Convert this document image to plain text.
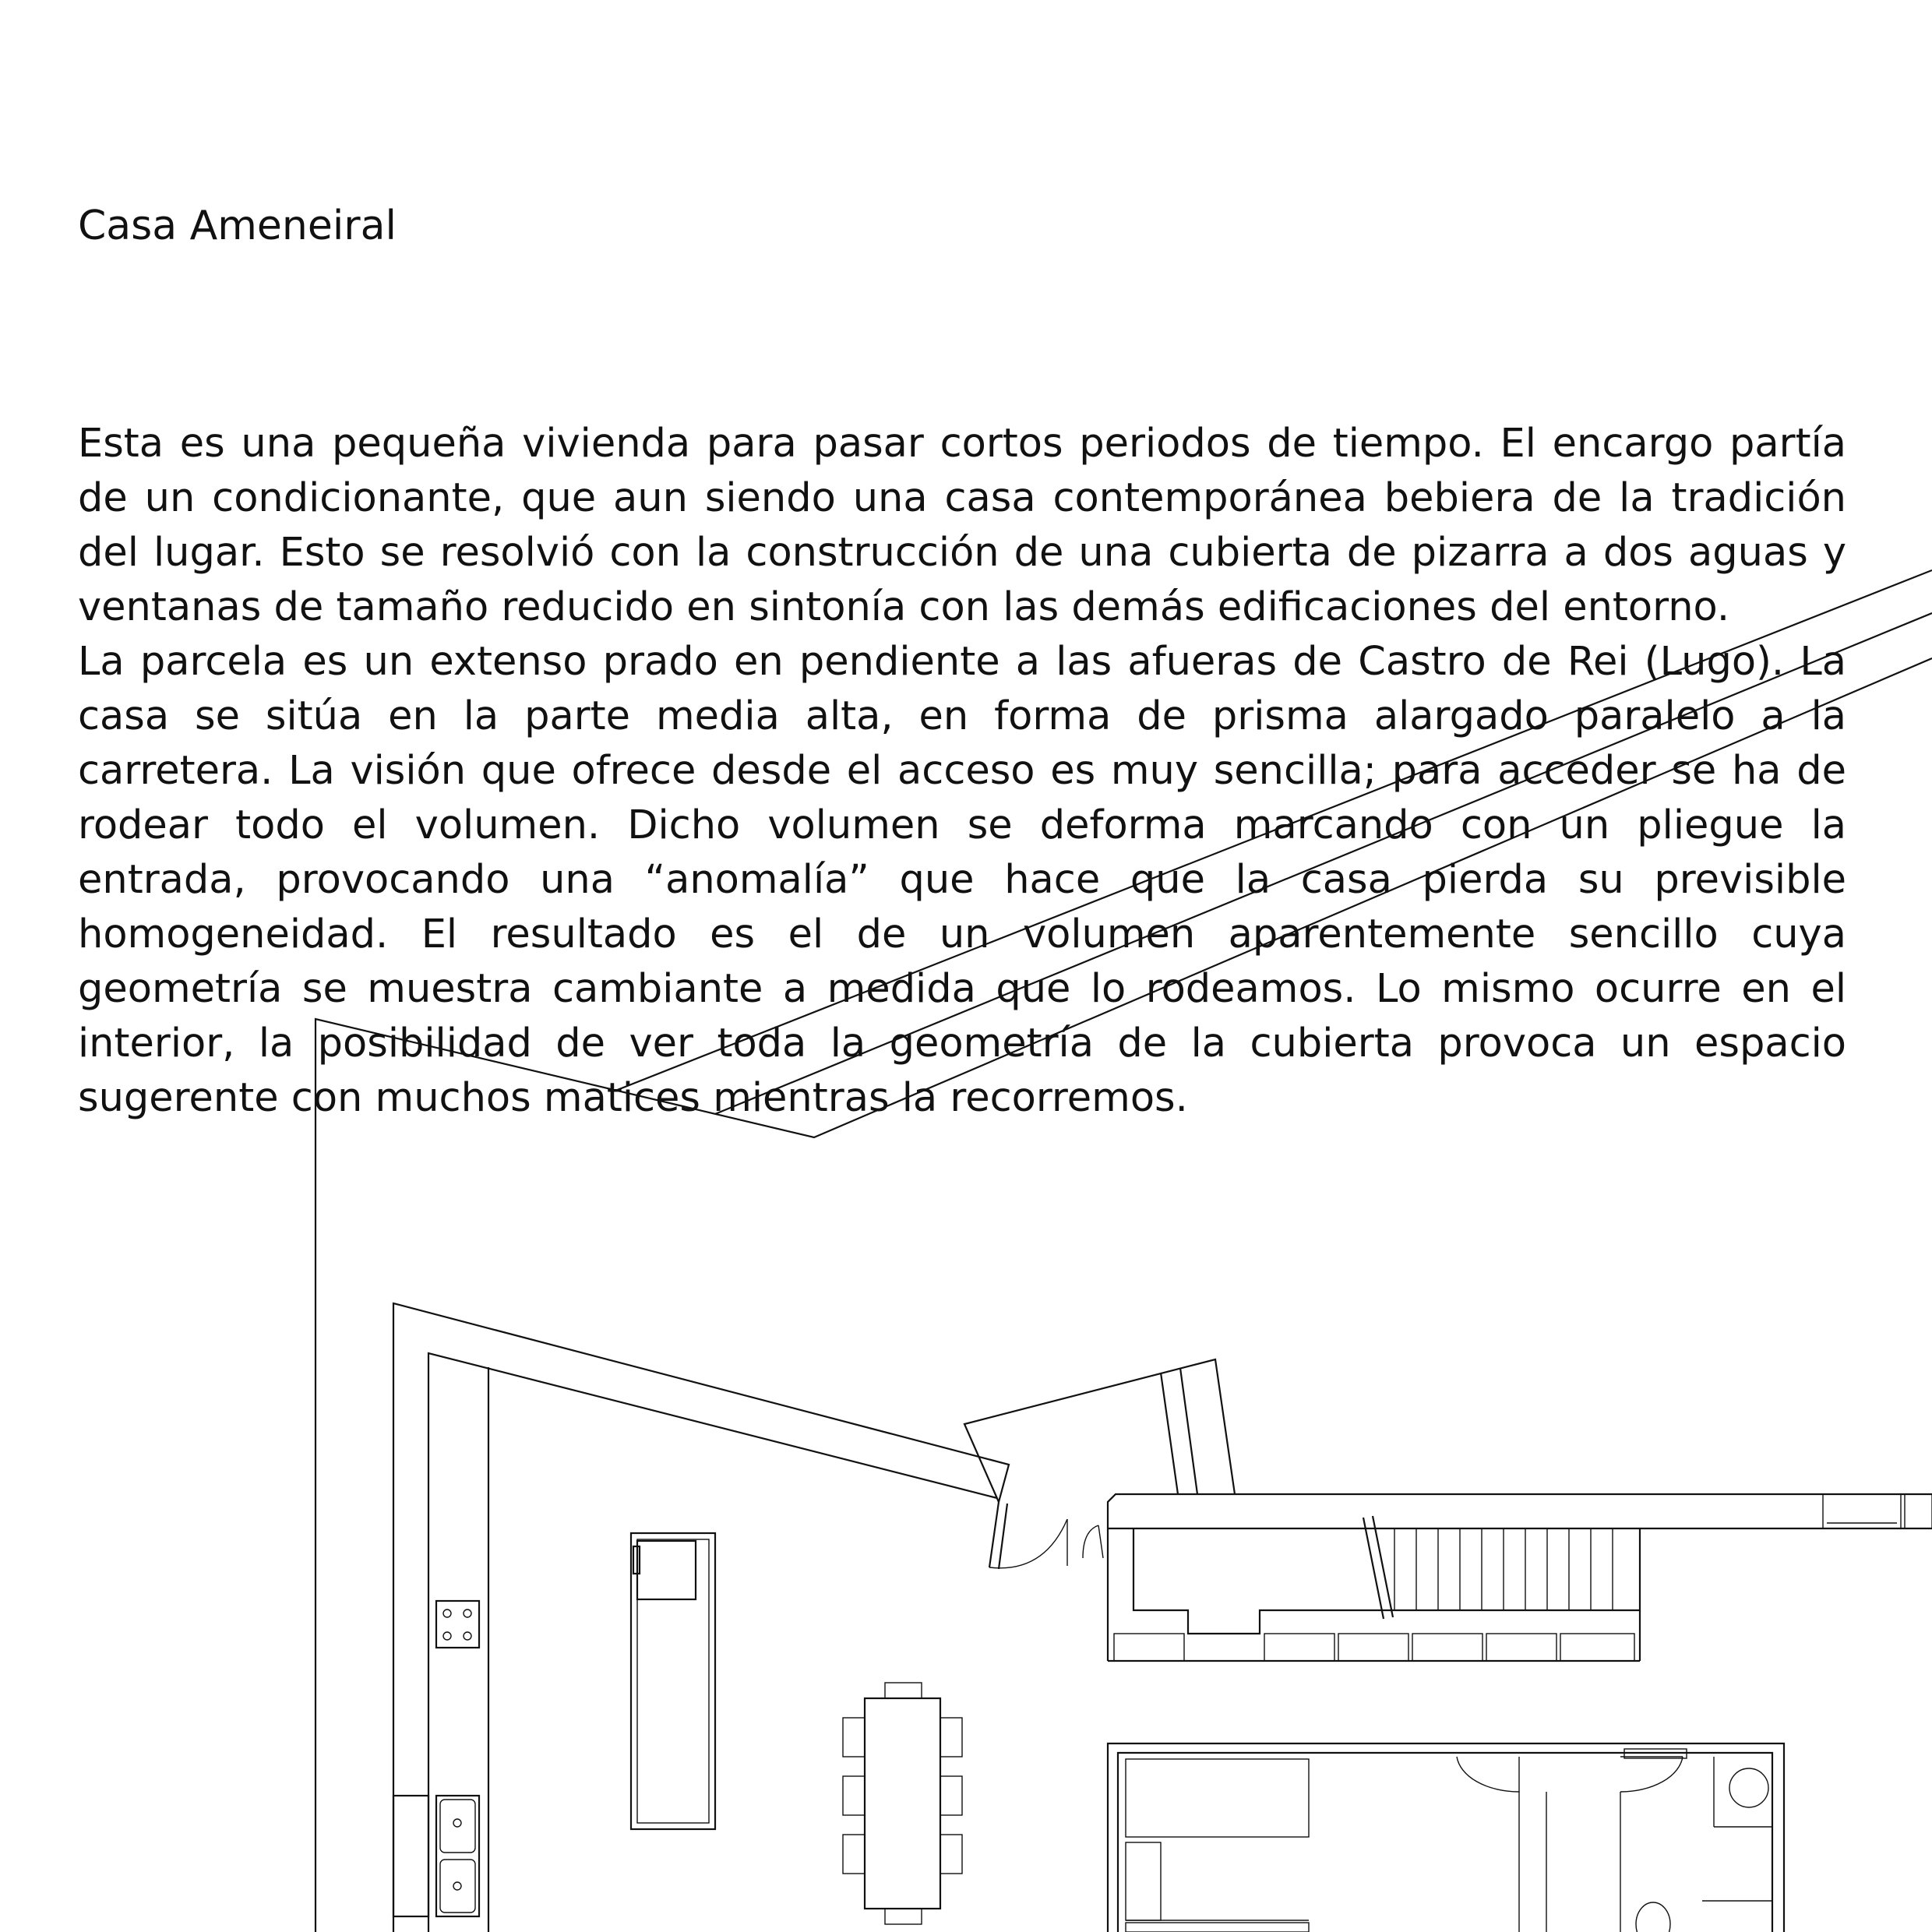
Casa Ameneiral

Esta es una pequeña vivienda para pasar cortos periodos de tiempo. El encargo partía de un condicionante, que aun siendo una casa contemporánea bebiera de la tradición del lugar. Esto se resolvió con la construcción de una cubierta de pizarra a dos aguas y ventanas de tamaño reducido en sintonía con las demás edificaciones del entorno.

La parcela es un extenso prado en pendiente a las afueras de Castro de Rei (Lugo). La casa se sitúa en la parte media alta, en forma de prisma alargado paralelo a la carretera. La visión que ofrece desde el acceso es muy sencilla; para acceder se ha de rodear todo el volumen. Dicho volumen se deforma marcando con un pliegue la entrada, provocando una “anomalía” que hace que la casa pierda su previsible homogeneidad. El resultado es el de un volumen aparentemente sencillo cuya geometría se muestra cambiante a medida que lo rodeamos. Lo mismo ocurre en el interior, la posibilidad de ver toda la geometría de la cubierta provoca un espacio sugerente con muchos matices mientras la recorremos.
